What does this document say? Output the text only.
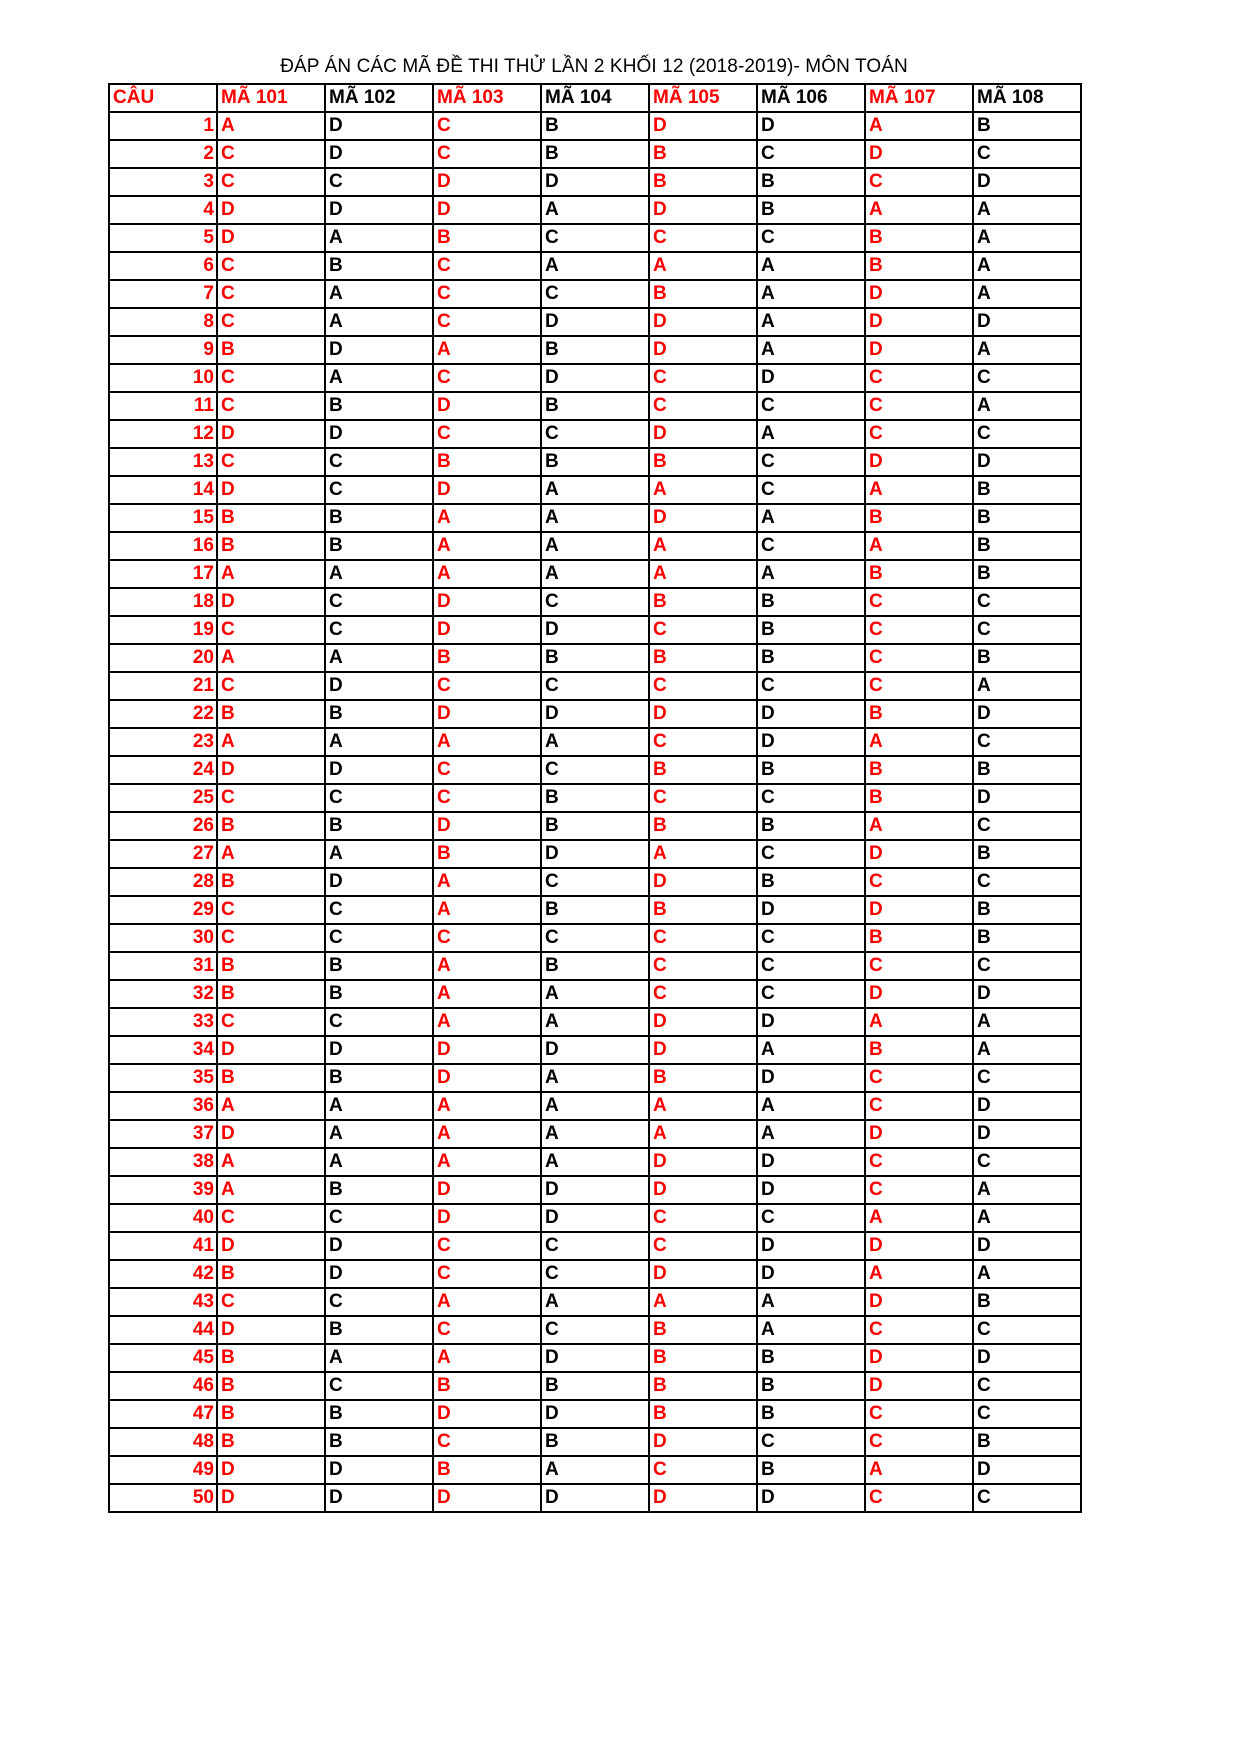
ĐÁP ÁN CÁC MÃ ĐỀ THI THỬ LẦN 2 KHỐI 12 (2018-2019)- MÔN TOÁN
CÂU	MÃ 101	MÃ 102	MÃ 103	MÃ 104	MÃ 105	MÃ 106	MÃ 107	MÃ 108
1	A	D	C	B	D	D	A	B
2	C	D	C	B	B	C	D	C
3	C	C	D	D	B	B	C	D
4	D	D	D	A	D	B	A	A
5	D	A	B	C	C	C	B	A
6	C	B	C	A	A	A	B	A
7	C	A	C	C	B	A	D	A
8	C	A	C	D	D	A	D	D
9	B	D	A	B	D	A	D	A
10	C	A	C	D	C	D	C	C
11	C	B	D	B	C	C	C	A
12	D	D	C	C	D	A	C	C
13	C	C	B	B	B	C	D	D
14	D	C	D	A	A	C	A	B
15	B	B	A	A	D	A	B	B
16	B	B	A	A	A	C	A	B
17	A	A	A	A	A	A	B	B
18	D	C	D	C	B	B	C	C
19	C	C	D	D	C	B	C	C
20	A	A	B	B	B	B	C	B
21	C	D	C	C	C	C	C	A
22	B	B	D	D	D	D	B	D
23	A	A	A	A	C	D	A	C
24	D	D	C	C	B	B	B	B
25	C	C	C	B	C	C	B	D
26	B	B	D	B	B	B	A	C
27	A	A	B	D	A	C	D	B
28	B	D	A	C	D	B	C	C
29	C	C	A	B	B	D	D	B
30	C	C	C	C	C	C	B	B
31	B	B	A	B	C	C	C	C
32	B	B	A	A	C	C	D	D
33	C	C	A	A	D	D	A	A
34	D	D	D	D	D	A	B	A
35	B	B	D	A	B	D	C	C
36	A	A	A	A	A	A	C	D
37	D	A	A	A	A	A	D	D
38	A	A	A	A	D	D	C	C
39	A	B	D	D	D	D	C	A
40	C	C	D	D	C	C	A	A
41	D	D	C	C	C	D	D	D
42	B	D	C	C	D	D	A	A
43	C	C	A	A	A	A	D	B
44	D	B	C	C	B	A	C	C
45	B	A	A	D	B	B	D	D
46	B	C	B	B	B	B	D	C
47	B	B	D	D	B	B	C	C
48	B	B	C	B	D	C	C	B
49	D	D	B	A	C	B	A	D
50	D	D	D	D	D	D	C	C
